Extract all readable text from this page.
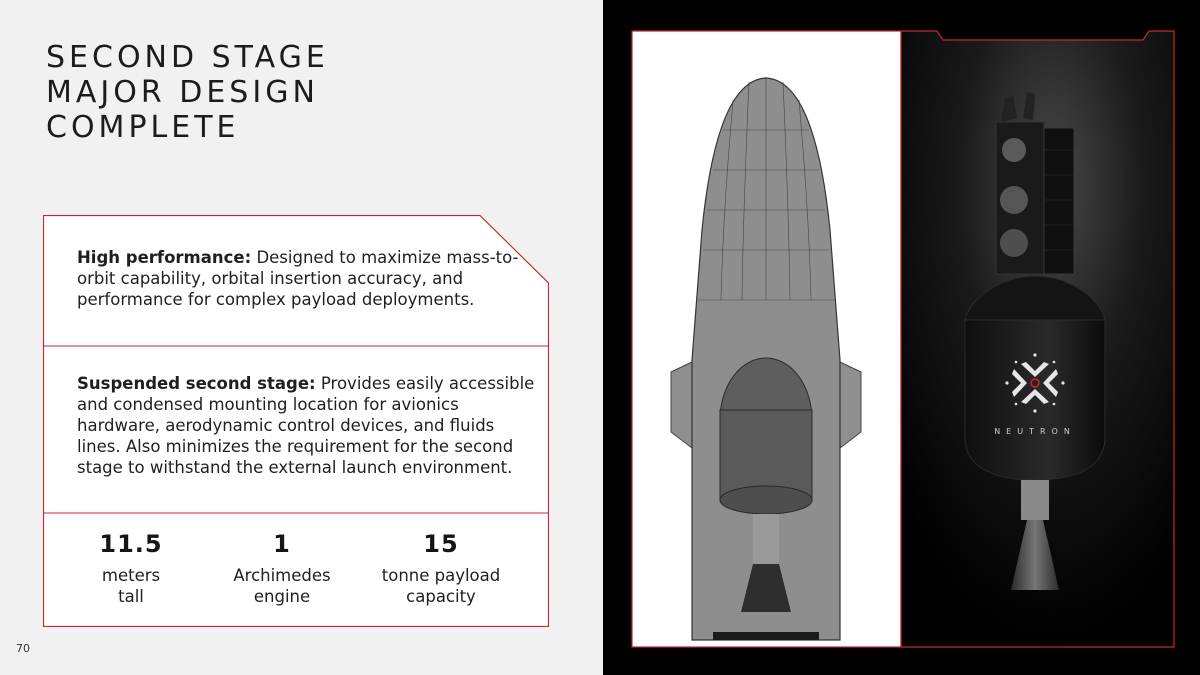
SECOND STAGE
MAJOR DESIGN
COMPLETE

High performance: Designed to maximize mass-to-orbit capability, orbital insertion accuracy, and performance for complex payload deployments.

Suspended second stage: Provides easily accessible and condensed mounting location for avionics hardware, aerodynamic control devices, and fluids lines. Also minimizes the requirement for the second stage to withstand the external launch environment.

11.5
meters
tall
1
Archimedes
engine
15
tonne payload
capacity
70
NEUTRON
